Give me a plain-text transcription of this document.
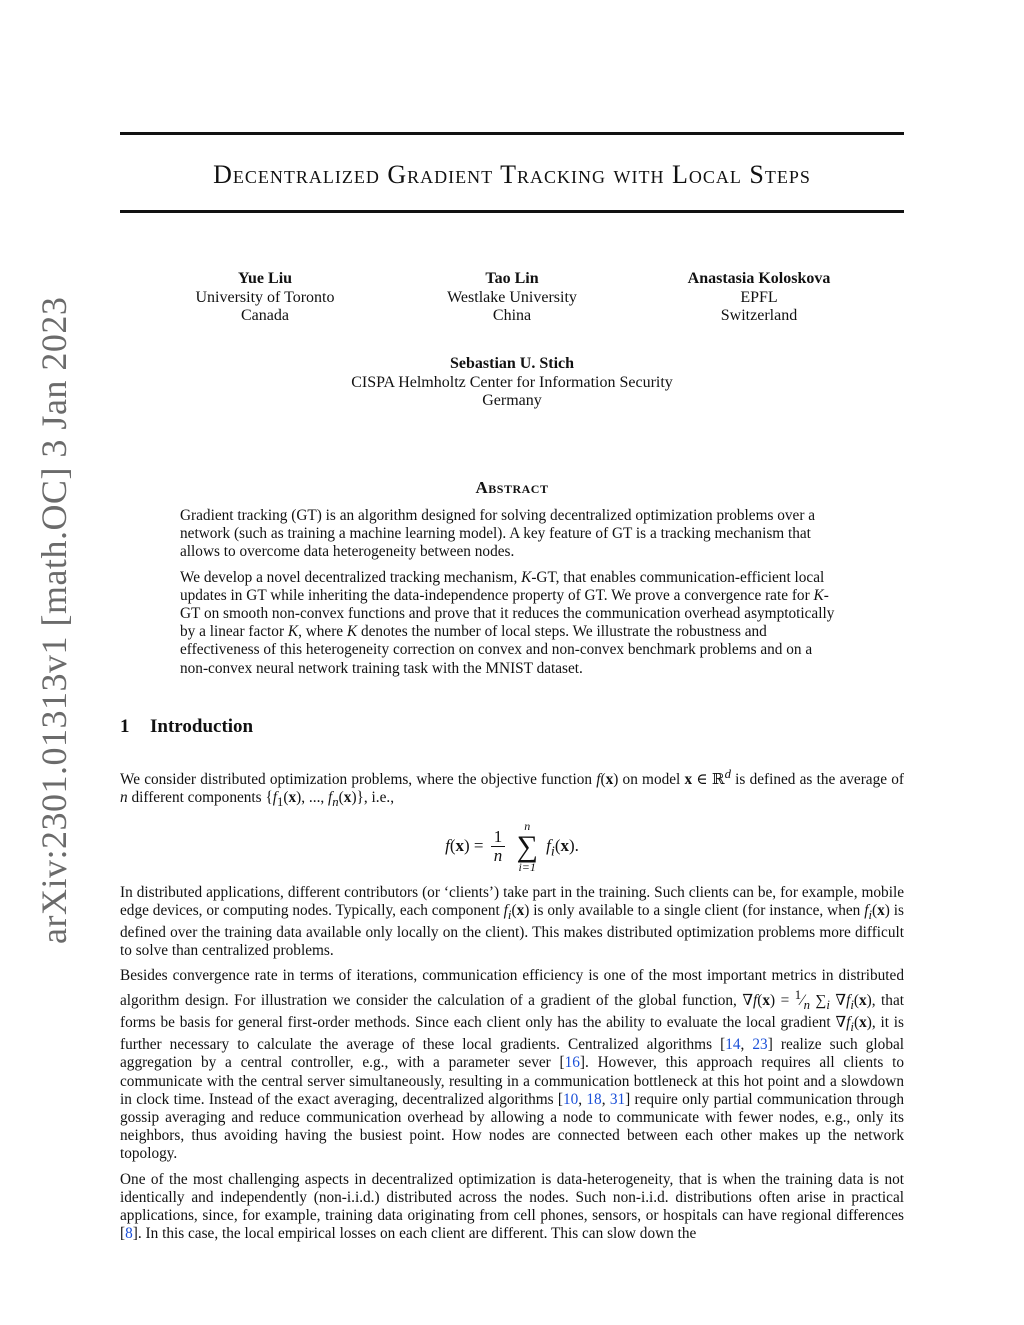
arXiv:2301.01313v1 [math.OC] 3 Jan 2023
Decentralized Gradient Tracking with Local Steps
Yue Liu
University of Toronto
Canada
Tao Lin
Westlake University
China
Anastasia Koloskova
EPFL
Switzerland
Sebastian U. Stich
CISPA Helmholtz Center for Information Security
Germany
Abstract

Gradient tracking (GT) is an algorithm designed for solving decentralized optimization problems over a network (such as training a machine learning model). A key feature of GT is a tracking mechanism that allows to overcome data heterogeneity between nodes.

We develop a novel decentralized tracking mechanism, K-GT, that enables communication-efficient local updates in GT while inheriting the data-independence property of GT. We prove a convergence rate for K-GT on smooth non-convex functions and prove that it reduces the communication overhead asymptotically by a linear factor K, where K denotes the number of local steps. We illustrate the robustness and effectiveness of this heterogeneity correction on convex and non-convex benchmark problems and on a non-convex neural network training task with the MNIST dataset.

1 Introduction

We consider distributed optimization problems, where the objective function f(x) on model x ∈ ℝ$^d$ is defined as the average of n different components {$f_1(x)$, ..., $f_n(x)$}, i.e.,

$f(x) = \frac{1}{n}$

n
∑
i=1
$f_i(x)$.

In distributed applications, different contributors (or ‘clients’) take part in the training. Such clients can be, for example, mobile edge devices, or computing nodes. Typically, each component $f_i(x)$ is only available to a single client (for instance, when $f_i(x)$ is defined over the training data available only locally on the client). This makes distributed optimization problems more difficult to solve than centralized problems.

Besides convergence rate in terms of iterations, communication efficiency is one of the most important metrics in distributed algorithm design. For illustration we consider the calculation of a gradient of the global function, $\nabla f(x) = ^1⁄_n$ $\sum_i$ $\nabla f_i(x)$, that forms be basis for general first-order methods. Since each client only has the ability to evaluate the local gradient $\nabla f_i(x)$, it is further necessary to calculate the average of these local gradients. Centralized algorithms [14, 23] realize such global aggregation by a central controller, e.g., with a parameter sever [16]. However, this approach requires all clients to communicate with the central server simultaneously, resulting in a communication bottleneck at this hot point and a slowdown in clock time. Instead of the exact averaging, decentralized algorithms [10, 18, 31] require only partial communication through gossip averaging and reduce communication overhead by allowing a node to communicate with fewer nodes, e.g., only its neighbors, thus avoiding having the busiest point. How nodes are connected between each other makes up the network topology.

One of the most challenging aspects in decentralized optimization is data-heterogeneity, that is when the training data is not identically and independently (non-i.i.d.) distributed across the nodes. Such non-i.i.d. distributions often arise in practical applications, since, for example, training data originating from cell phones, sensors, or hospitals can have regional differences [8]. In this case, the local empirical losses on each client are different. This can slow down the
